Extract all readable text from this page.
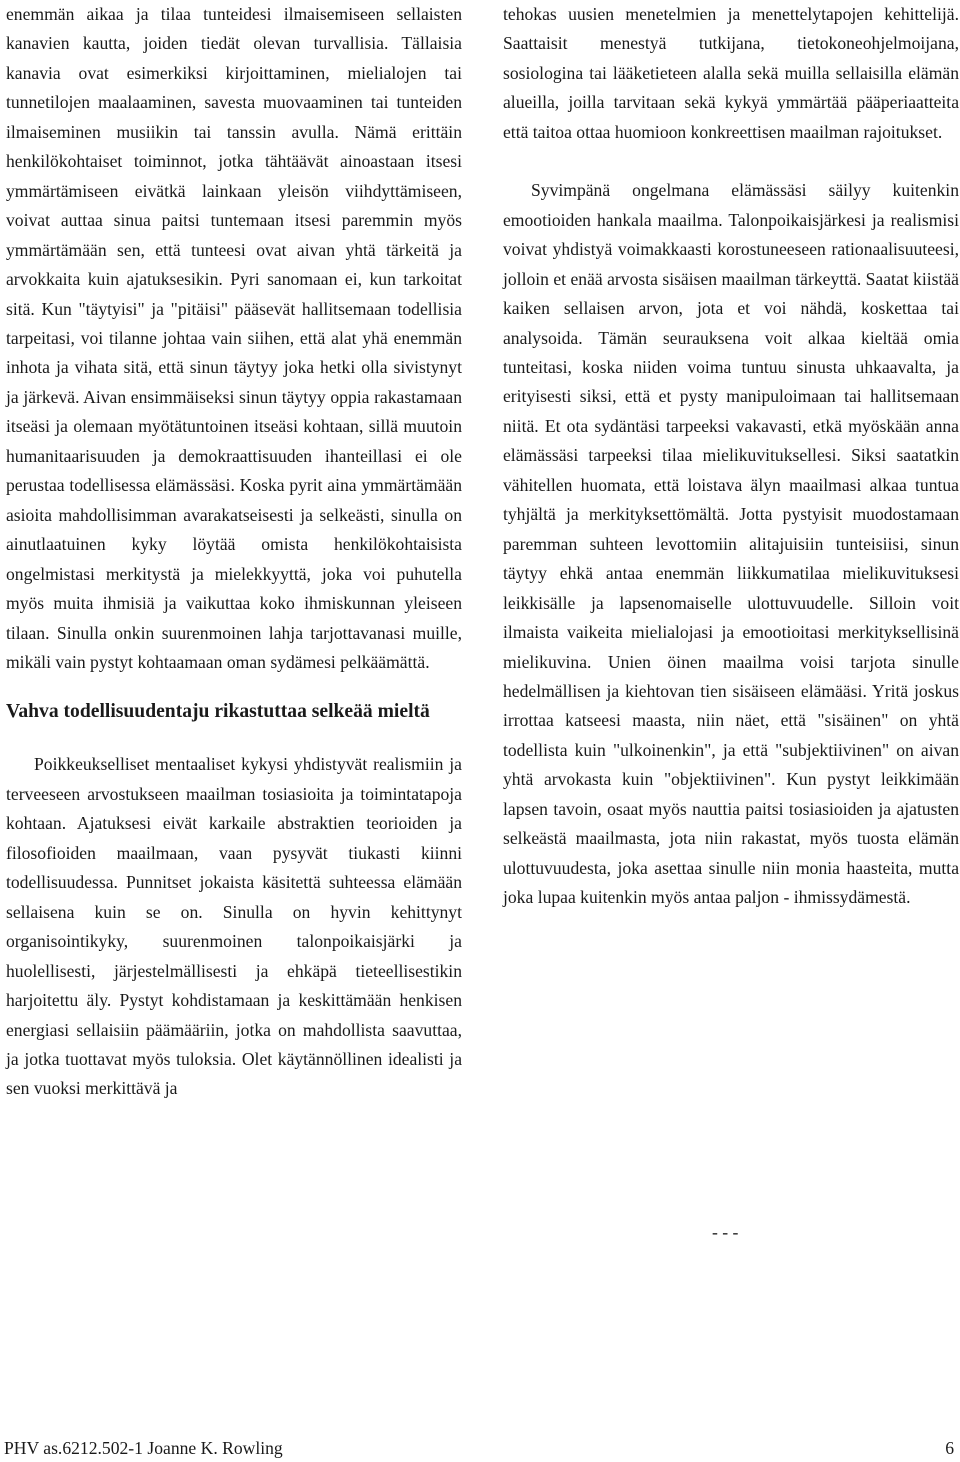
enemmän aikaa ja tilaa tunteidesi ilmaisemiseen sellaisten kanavien kautta, joiden tiedät olevan turvallisia. Tällaisia kanavia ovat esimerkiksi kirjoittaminen, mielialojen tai tunnetilojen maalaaminen, savesta muovaaminen tai tunteiden ilmaiseminen musiikin tai tanssin avulla. Nämä erittäin henkilökohtaiset toiminnot, jotka tähtäävät ainoastaan itsesi ymmärtämiseen eivätkä lainkaan yleisön viihdyttämiseen, voivat auttaa sinua paitsi tuntemaan itsesi paremmin myös ymmärtämään sen, että tunteesi ovat aivan yhtä tärkeitä ja arvokkaita kuin ajatuksesikin. Pyri sanomaan ei, kun tarkoitat sitä. Kun "täytyisi" ja "pitäisi" pääsevät hallitsemaan todellisia tarpeitasi, voi tilanne johtaa vain siihen, että alat yhä enemmän inhota ja vihata sitä, että sinun täytyy joka hetki olla sivistynyt ja järkevä. Aivan ensimmäiseksi sinun täytyy oppia rakastamaan itseäsi ja olemaan myötätuntoinen itseäsi kohtaan, sillä muutoin humanitaarisuuden ja demokraattisuuden ihanteillasi ei ole perustaa todellisessa elämässäsi. Koska pyrit aina ymmärtämään asioita mahdollisimman avarakatseisesti ja selkeästi, sinulla on ainutlaatuinen kyky löytää omista henkilökohtaisista ongelmistasi merkitystä ja mielekkyyttä, joka voi puhutella myös muita ihmisiä ja vaikuttaa koko ihmiskunnan yleiseen tilaan. Sinulla onkin suurenmoinen lahja tarjottavanasi muille, mikäli vain pystyt kohtaamaan oman sydämesi pelkäämättä.

Vahva todellisuudentaju rikastuttaa selkeää mieltä

Poikkeukselliset mentaaliset kykysi yhdistyvät realismiin ja terveeseen arvostukseen maailman tosiasioita ja toimintatapoja kohtaan. Ajatuksesi eivät karkaile abstraktien teorioiden ja filosofioiden maailmaan, vaan pysyvät tiukasti kiinni todellisuudessa. Punnitset jokaista käsitettä suhteessa elämään sellaisena kuin se on. Sinulla on hyvin kehittynyt organisointikyky, suurenmoinen talonpoikaisjärki ja huolellisesti, järjestelmällisesti ja ehkäpä tieteellisestikin harjoitettu äly. Pystyt kohdistamaan ja keskittämään henkisen energiasi sellaisiin päämääriin, jotka on mahdollista saavuttaa, ja jotka tuottavat myös tuloksia. Olet käytännöllinen idealisti ja sen vuoksi merkittävä ja

tehokas uusien menetelmien ja menettelytapojen kehittelijä. Saattaisit menestyä tutkijana, tietokoneohjelmoijana, sosiologina tai lääketieteen alalla sekä muilla sellaisilla elämän alueilla, joilla tarvitaan sekä kykyä ymmärtää pääperiaatteita että taitoa ottaa huomioon konkreettisen maailman rajoitukset.

Syvimpänä ongelmana elämässäsi säilyy kuitenkin emootioiden hankala maailma. Talonpoikaisjärkesi ja realismisi voivat yhdistyä voimakkaasti korostuneeseen rationaalisuuteesi, jolloin et enää arvosta sisäisen maailman tärkeyttä. Saatat kiistää kaiken sellaisen arvon, jota et voi nähdä, koskettaa tai analysoida. Tämän seurauksena voit alkaa kieltää omia tunteitasi, koska niiden voima tuntuu sinusta uhkaavalta, ja erityisesti siksi, että et pysty manipuloimaan tai hallitsemaan niitä. Et ota sydäntäsi tarpeeksi vakavasti, etkä myöskään anna elämässäsi tarpeeksi tilaa mielikuvituksellesi. Siksi saatatkin vähitellen huomata, että loistava älyn maailmasi alkaa tuntua tyhjältä ja merkityksettömältä. Jotta pystyisit muodostamaan paremman suhteen levottomiin alitajuisiin tunteisiisi, sinun täytyy ehkä antaa enemmän liikkumatilaa mielikuvituksesi leikkisälle ja lapsenomaiselle ulottuvuudelle. Silloin voit ilmaista vaikeita mielialojasi ja emootioitasi merkityksellisinä mielikuvina. Unien öinen maailma voisi tarjota sinulle hedelmällisen ja kiehtovan tien sisäiseen elämääsi. Yritä joskus irrottaa katseesi maasta, niin näet, että "sisäinen" on yhtä todellista kuin "ulkoinenkin", ja että "subjektiivinen" on aivan yhtä arvokasta kuin "objektiivinen". Kun pystyt leikkimään lapsen tavoin, osaat myös nauttia paitsi tosiasioiden ja ajatusten selkeästä maailmasta, jota niin rakastat, myös tuosta elämän ulottuvuudesta, joka asettaa sinulle niin monia haasteita, mutta joka lupaa kuitenkin myös antaa paljon - ihmissydämestä.

- - -
PHV as.6212.502-1 Joanne K. Rowling	6
